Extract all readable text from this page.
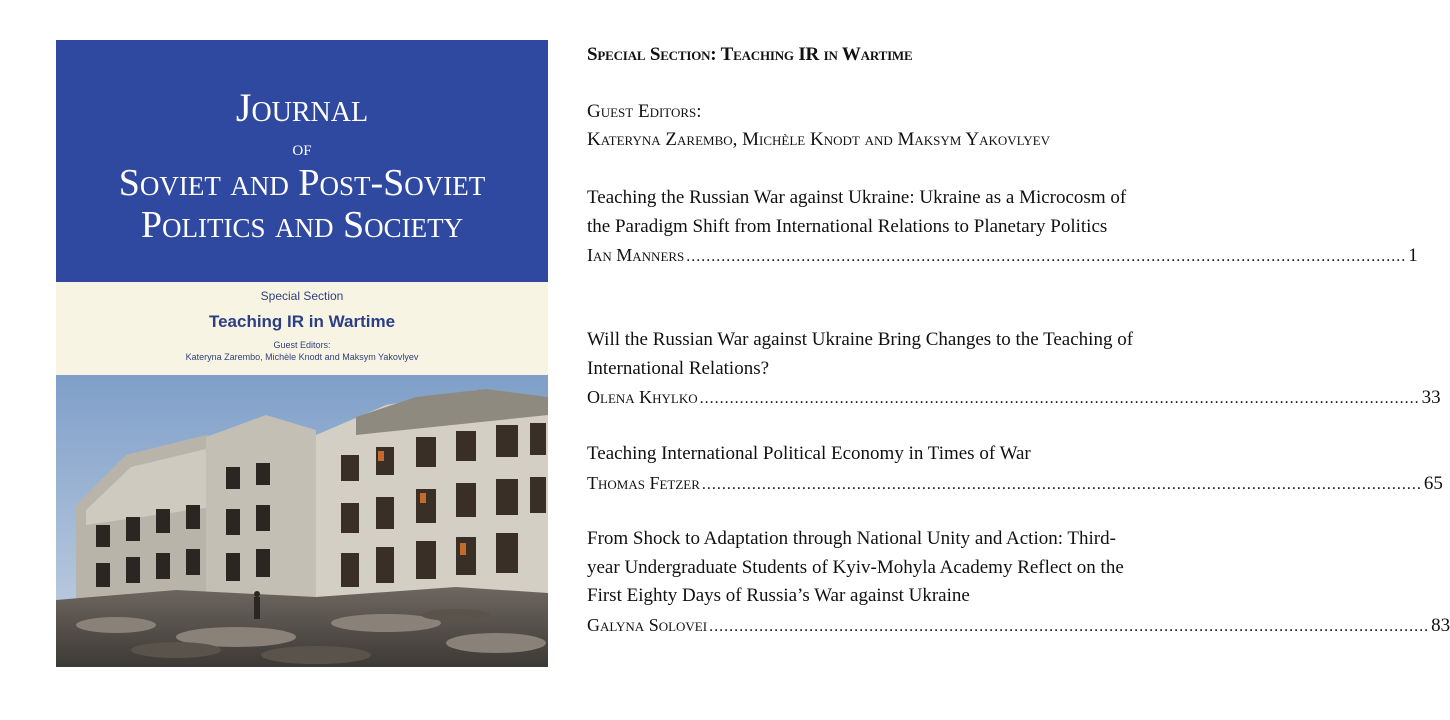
Journal
of
Soviet and Post-Soviet
Politics and Society
Special Section
Teaching IR in Wartime
Guest Editors:
Kateryna Zarembo, Michèle Knodt and Maksym Yakovlyev
Special Section: Teaching IR in Wartime
Guest Editors:
Kateryna Zarembo, Michèle Knodt and Maksym Yakovlyev
Teaching the Russian War against Ukraine: Ukraine as a Microcosm of the Paradigm Shift from International Relations to Planetary Politics
Ian Manners ................................................................................................................................................ 1
Will the Russian War against Ukraine Bring Changes to the Teaching of International Relations?
Olena Khylko ................................................................................................................................................ 33
Teaching International Political Economy in Times of War
Thomas Fetzer ................................................................................................................................................ 65
From Shock to Adaptation through National Unity and Action: Third-year Undergraduate Students of Kyiv-Mohyla Academy Reflect on the First Eighty Days of Russia’s War against Ukraine
Galyna Solovei ................................................................................................................................................ 83
